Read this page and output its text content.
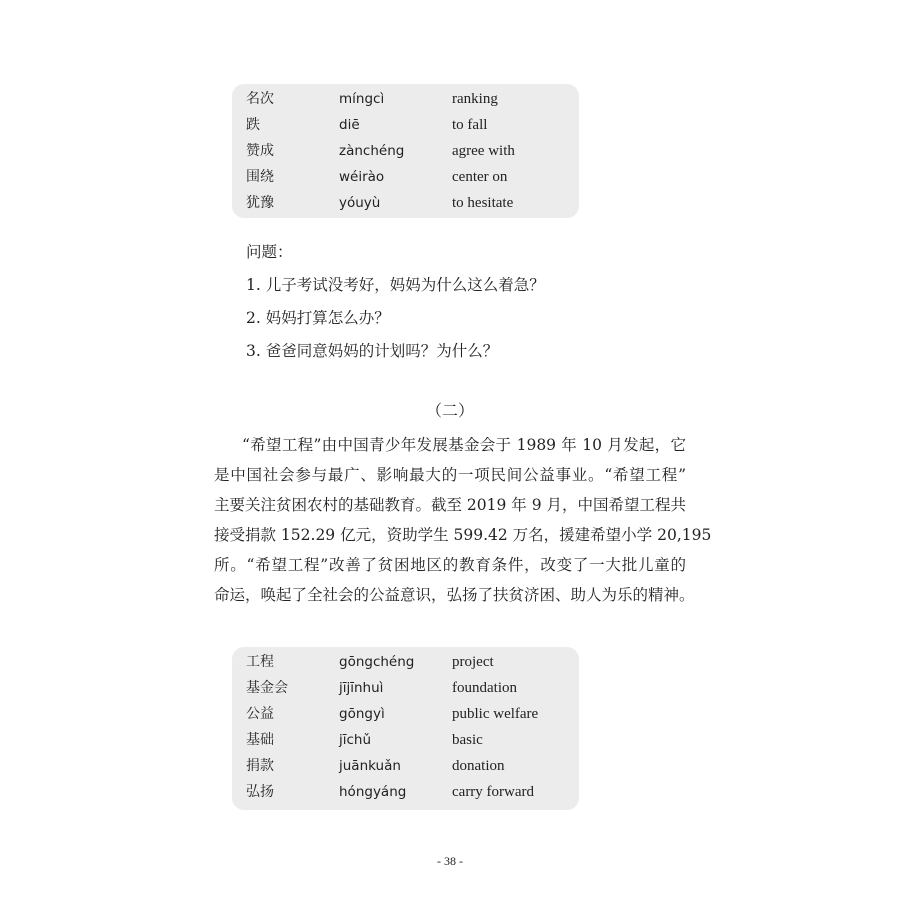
名次	míngcì	ranking
跌	diē	to fall
赞成	zànchéng	agree with
围绕	wéirào	center on
犹豫	yóuyù	to hesitate
问题：
1. 儿子考试没考好，妈妈为什么这么着急？
2. 妈妈打算怎么办？
3. 爸爸同意妈妈的计划吗？为什么？
（二）
“希望工程”由中国青少年发展基金会于 1989 年 10 月发起，它
是中国社会参与最广、影响最大的一项民间公益事业。“希望工程”
主要关注贫困农村的基础教育。截至 2019 年 9 月，中国希望工程共
接受捐款 152.29 亿元，资助学生 599.42 万名，援建希望小学 20,195
所。“希望工程”改善了贫困地区的教育条件，改变了一大批儿童的
命运，唤起了全社会的公益意识，弘扬了扶贫济困、助人为乐的精神。
工程	gōngchéng	project
基金会	jījīnhuì	foundation
公益	gōngyì	public welfare
基础	jīchǔ	basic
捐款	juānkuǎn	donation
弘扬	hóngyáng	carry forward
- 38 -
